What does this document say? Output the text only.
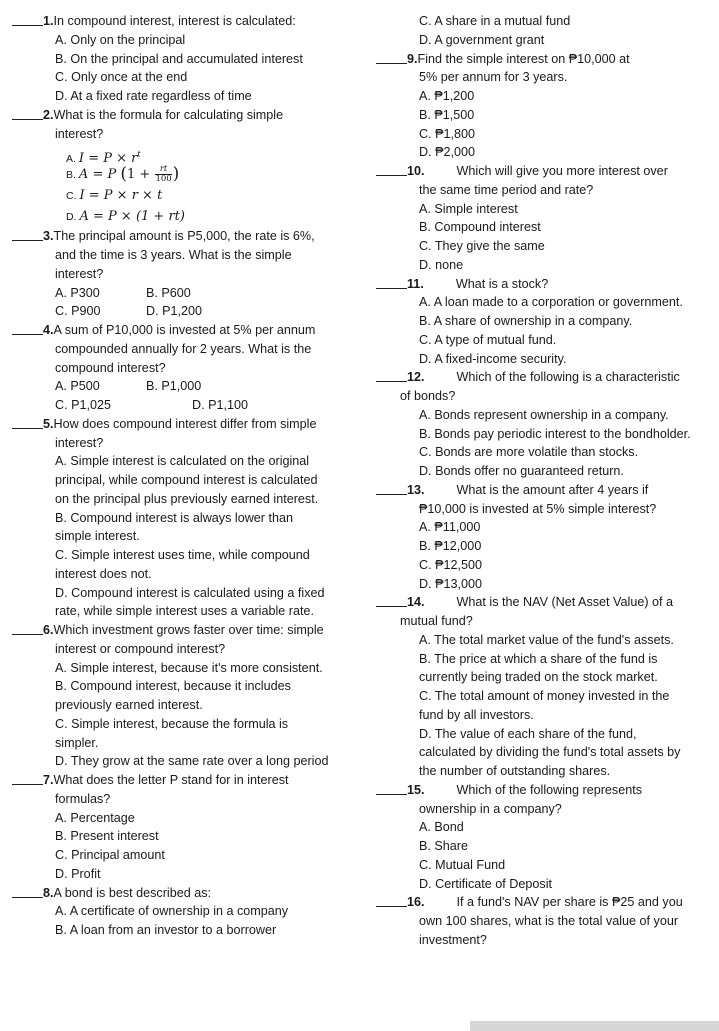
1.In compound interest, interest is calculated:
A. Only on the principal
B. On the principal and accumulated interest
C. Only once at the end
D. At a fixed rate regardless of time
2.What is the formula for calculating simple
interest?
A. $I = P \times r^t$
B. A = P ($1 + \frac{rt}{100}$ )
C. I = P × r × t
D. A = P × (1 + rt)
3.The principal amount is P5,000, the rate is 6%,
and the time is 3 years. What is the simple
interest?
A. P300	B. P600
C. P900	D. P1,200
4.A sum of P10,000 is invested at 5% per annum
compounded annually for 2 years. What is the
compound interest?
A. P500	B. P1,000
C. P1,025	D. P1,100
5.How does compound interest differ from simple
interest?
A. Simple interest is calculated on the original
principal, while compound interest is calculated
on the principal plus previously earned interest.
B. Compound interest is always lower than
simple interest.
C. Simple interest uses time, while compound
interest does not.
D. Compound interest is calculated using a fixed
rate, while simple interest uses a variable rate.
6.Which investment grows faster over time: simple
interest or compound interest?
A. Simple interest, because it's more consistent.
B. Compound interest, because it includes
previously earned interest.
C. Simple interest, because the formula is
simpler.
D. They grow at the same rate over a long period
7.What does the letter P stand for in interest
formulas?
A. Percentage
B. Present interest
C. Principal amount
D. Profit
8.A bond is best described as:
A. A certificate of ownership in a company
B. A loan from an investor to a borrower
C. A share in a mutual fund
D. A government grant
9.Find the simple interest on ₱10,000 at
5% per annum for 3 years.
A. ₱1,200
B. ₱1,500
C. ₱1,800
D. ₱2,000
10.	Which will give you more interest over
the same time period and rate?
A. Simple interest
B. Compound interest
C. They give the same
D. none
11.	What is a stock?
A. A loan made to a corporation or government.
B. A share of ownership in a company.
C. A type of mutual fund.
D. A fixed-income security.
12.	Which of the following is a characteristic
of bonds?
A. Bonds represent ownership in a company.
B. Bonds pay periodic interest to the bondholder.
C. Bonds are more volatile than stocks.
D. Bonds offer no guaranteed return.
13.	What is the amount after 4 years if
₱10,000 is invested at 5% simple interest?
A. ₱11,000
B. ₱12,000
C. ₱12,500
D. ₱13,000
14.	What is the NAV (Net Asset Value) of a
mutual fund?
A. The total market value of the fund's assets.
B. The price at which a share of the fund is
currently being traded on the stock market.
C. The total amount of money invested in the
fund by all investors.
D. The value of each share of the fund,
calculated by dividing the fund's total assets by
the number of outstanding shares.
15.	Which of the following represents
ownership in a company?
A. Bond
B. Share
C. Mutual Fund
D. Certificate of Deposit
16.	If a fund's NAV per share is ₱25 and you
own 100 shares, what is the total value of your
investment?
